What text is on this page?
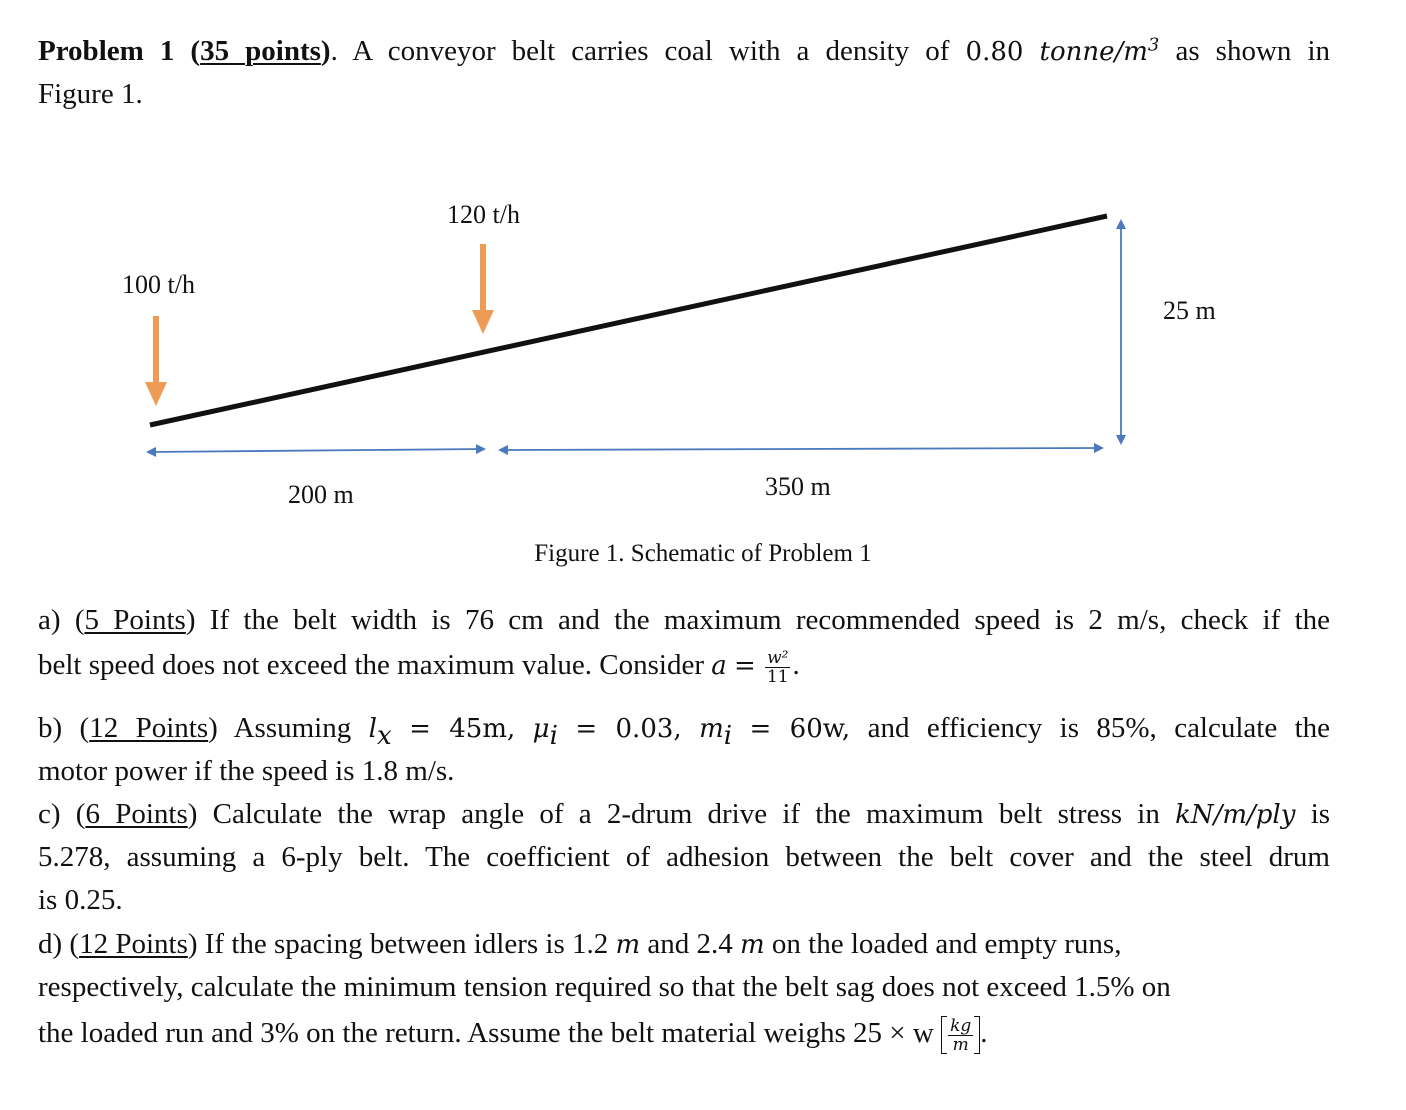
Problem 1 (35 points). A conveyor belt carries coal with a density of 0.80 tonne/$m^3$ as shown in
Figure 1.
100 t/h
120 t/h
25 m
200 m	350 m
Figure 1. Schematic of Problem 1
a) (5 Points) If the belt width is 76 cm and the maximum recommended speed is 2 m/s, check if the
belt speed does not exceed the maximum value. Consider $a = \frac{\text{w²}}{11}$ .
b) (12 Points) Assuming $l_x = 45m$, $\mu_i = 0.03$, $m_i = 60w$, and efficiency is 85%, calculate the
motor power if the speed is 1.8 m/s.
c) (6 Points) Calculate the wrap angle of a 2-drum drive if the maximum belt stress in kN/m/ply is
5.278, assuming a 6-ply belt. The coefficient of adhesion between the belt cover and the steel drum
is 0.25.
d) (12 Points) If the spacing between idlers is 1.2 m and 2.4 m on the loaded and empty runs,
respectively, calculate the minimum tension required so that the belt sag does not exceed 1.5% on
the loaded run and 3% on the return. Assume the belt material weighs 25 × w $\frac{kg}{m}$ .
